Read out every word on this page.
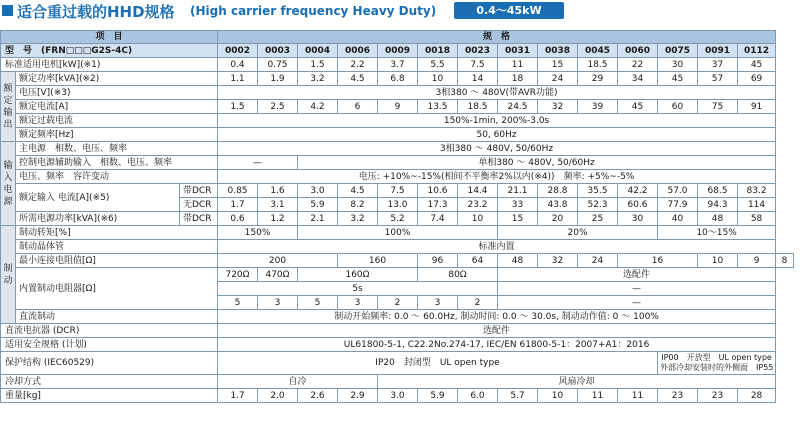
适合重过载的HHD规格 (High carrier frequency Heavy Duty)	0.4～45kW
项　目			规　格														
型　号　(FRN□□□G2S-4C)			0002	0003	0004	0006	0009	0018	0023	0031	0038	0045	0060	0075	0091	0112	
标准适用电机[kW](※1)			0.4	0.75	1.5	2.2	3.7	5.5	7.5	11	15	18.5	22	30	37	45	
额定输出	额定功率[kVA](※2)		1.1	1.9	3.2	4.5	6.8	10	14	18	24	29	34	45	57	69	
	电压[V](※3)		3相380 ～ 480V(带AVR功能)														
	额定电流[A]		1.5	2.5	4.2	6	9	13.5	18.5	24.5	32	39	45	60	75	91	
	额定过载电流		150%-1min, 200%-3.0s														
	额定频率[Hz]		50, 60Hz														
输入电源	主电源　相数、电压、频率		3相380 ～ 480V, 50/60Hz														
	控制电源辅助输入　相数、电压、频率		—		单相380 ～ 480V, 50/60Hz												
	电压、频率　容许变动		电压: +10%~-15%(相间不平衡率2%以内(※4))　频率: +5%~-5%														
	额定输入 电流[A](※5)	带DCR	0.85	1.6	3.0	4.5	7.5	10.6	14.4	21.1	28.8	35.5	42.2	57.0	68.5	83.2	
		无DCR	1.7	3.1	5.9	8.2	13.0	17.3	23.2	33	43.8	52.3	60.6	77.9	94.3	114	
	所需电源功率[kVA](※6)	带DCR	0.6	1.2	2.1	3.2	5.2	7.4	10	15	20	25	30	40	48	58	
制动	制动转矩[%]		150%		100%					20%				10～15%			
	制动晶体管		标准内置														
	最小连接电阻值[Ω]		200			160		96	64	48	32	24	16		10	9	8
	内置制动电阻器[Ω]		720Ω	470Ω	160Ω			80Ω		选配件							
			5s							—							
			5	3	5	3	2	3	2	—							
	直流制动		制动开始频率: 0.0 ～ 60.0Hz, 制动时间: 0.0 ～ 30.0s, 制动动作值: 0 ～ 100%														
直流电抗器 (DCR)			选配件														
适用安全规格 (计划)			UL61800-5-1, C22.2No.274-17, IEC/EN 61800-5-1：2007+A1：2016														
保护结构 (IEC60529)			IP20　封闭型　UL open type											IP00　开放型　UL open type
外部冷却安装时的外侧面　IP55			

冷却方式			自冷				风扇冷却										
重量[kg]			1.7	2.0	2.6	2.9	3.0	5.9	6.0	5.7	10	11	11	23	23	28	
